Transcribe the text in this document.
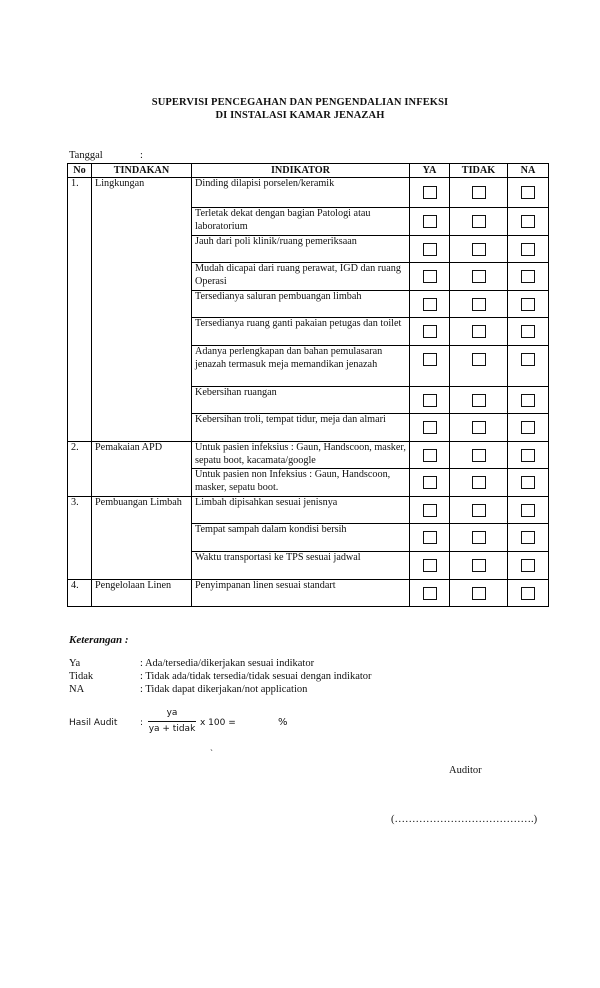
SUPERVISI PENCEGAHAN DAN PENGENDALIAN INFEKSI
DI INSTALASI KAMAR JENAZAH
Tanggal	:
No	TINDAKAN	INDIKATOR	YA	TIDAK	NA
1.	Lingkungan	Dinding dilapisi porselen/keramik	

		Terletak dekat dengan bagian Patologi atau laboratorium	

		Jauh dari poli klinik/ruang pemeriksaan	

		Mudah dicapai dari ruang perawat, IGD dan ruang Operasi	

		Tersedianya saluran pembuangan limbah	

		Tersedianya ruang ganti pakaian petugas dan toilet	

		Adanya perlengkapan dan bahan pemulasaran jenazah termasuk meja memandikan jenazah	

		Kebersihan ruangan	

		Kebersihan troli, tempat tidur, meja dan almari	

2.	Pemakaian APD	Untuk pasien infeksius : Gaun, Handscoon, masker, sepatu boot, kacamata/google	

		Untuk pasien non Infeksius : Gaun, Handscoon, masker, sepatu boot.	

3.	Pembuangan Limbah	Limbah dipisahkan sesuai jenisnya	

		Tempat sampah dalam kondisi bersih	

		Waktu transportasi ke TPS sesuai jadwal	

4.	Pengelolaan Linen	Penyimpanan linen sesuai standart	

Keterangan :
Ya	: Ada/tersedia/dikerjakan sesuai indikator
Tidak	: Tidak ada/tidak tersedia/tidak sesuai dengan indikator
NA	: Tidak dapat dikerjakan/not application
Hasil Audit	:
ya
ya + tidak
x 100 =	%
`
Auditor
(………………………………….)
